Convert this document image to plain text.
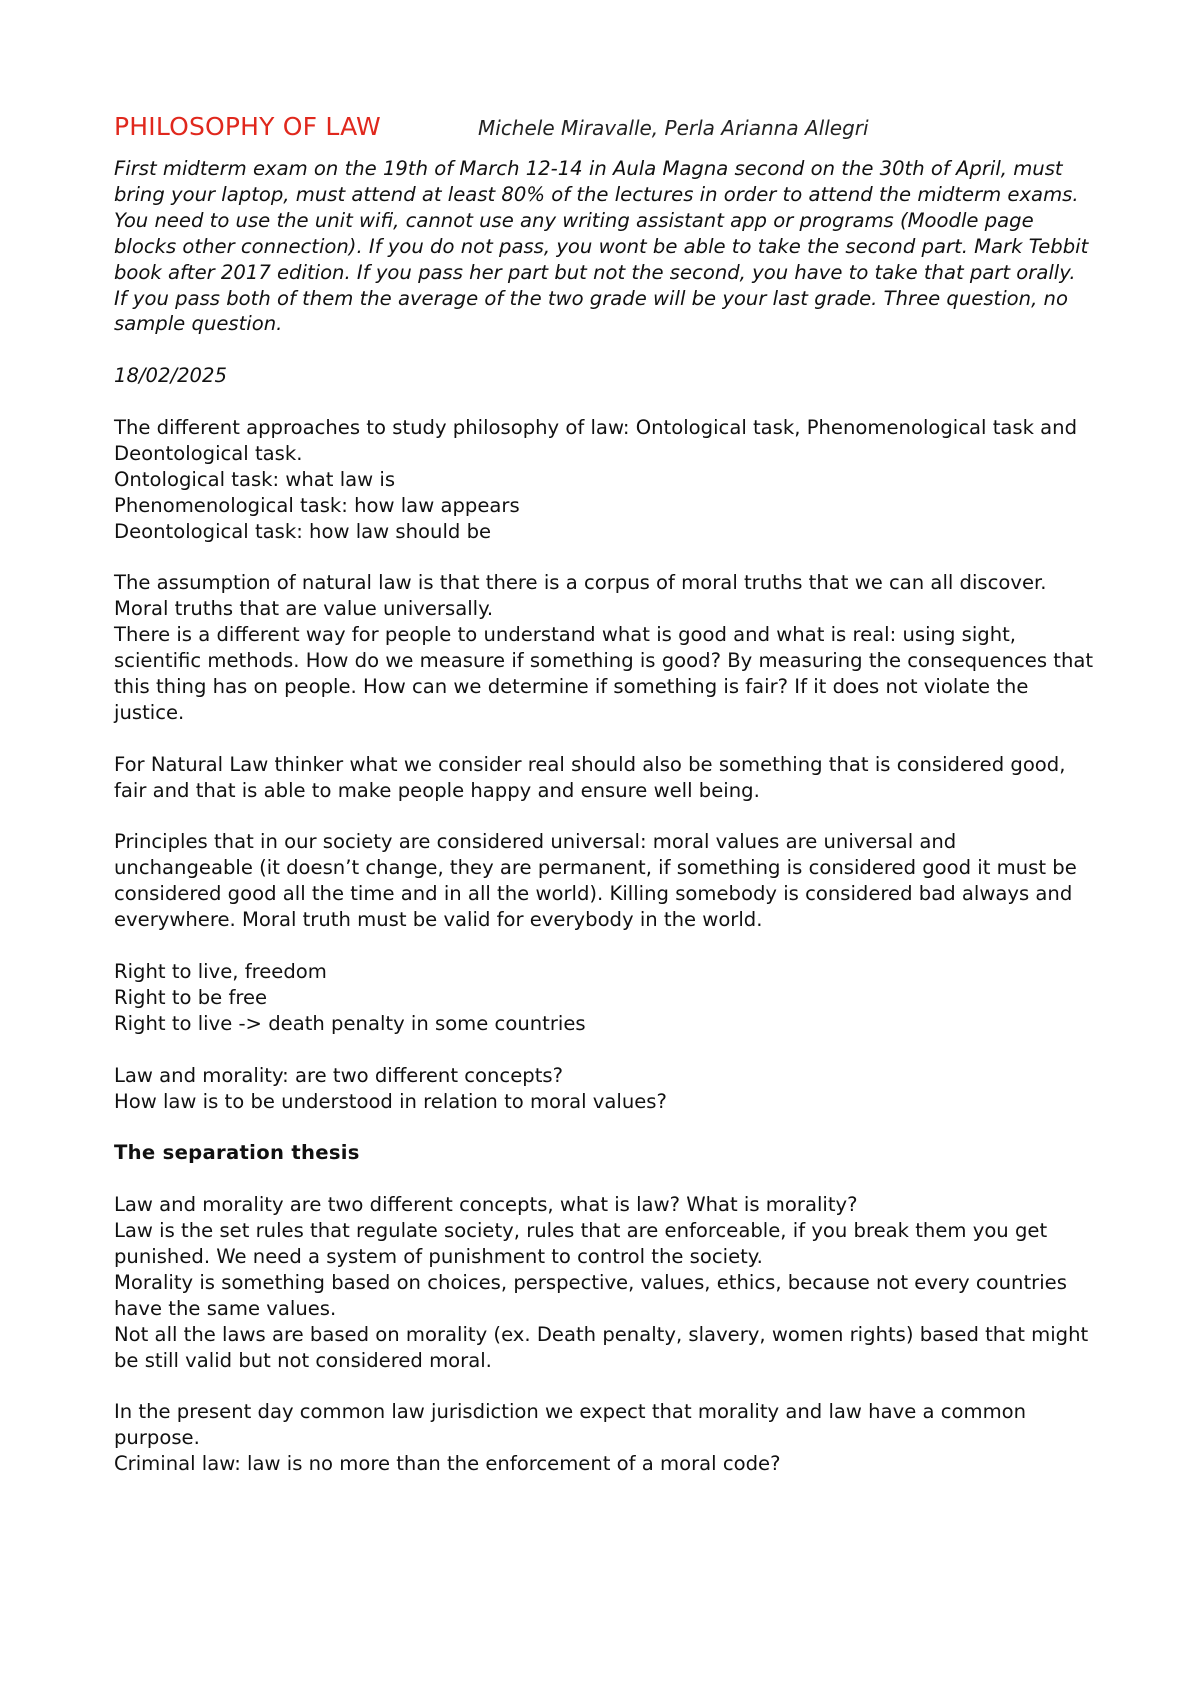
PHILOSOPHY OF LAW	Michele Miravalle, Perla Arianna Allegri

First midterm exam on the 19th of March 12-14 in Aula Magna second on the 30th of April, must bring your laptop, must attend at least 80% of the lectures in order to attend the midterm exams. You need to use the unit wifi, cannot use any writing assistant app or programs (Moodle page blocks other connection). If you do not pass, you wont be able to take the second part. Mark Tebbit book after 2017 edition. If you pass her part but not the second, you have to take that part orally. If you pass both of them the average of the two grade will be your last grade. Three question, no sample question.

18/02/2025

The different approaches to study philosophy of law: Ontological task, Phenomenological task and Deontological task.
Ontological task: what law is
Phenomenological task: how law appears
Deontological task: how law should be

The assumption of natural law is that there is a corpus of moral truths that we can all discover. Moral truths that are value universally.
There is a different way for people to understand what is good and what is real: using sight, scientific methods. How do we measure if something is good? By measuring the consequences that this thing has on people. How can we determine if something is fair? If it does not violate the justice.

For Natural Law thinker what we consider real should also be something that is considered good, fair and that is able to make people happy and ensure well being.

Principles that in our society are considered universal: moral values are universal and unchangeable (it doesn’t change, they are permanent, if something is considered good it must be considered good all the time and in all the world). Killing somebody is considered bad always and everywhere. Moral truth must be valid for everybody in the world.

Right to live, freedom
Right to be free
Right to live -> death penalty in some countries

Law and morality: are two different concepts?
How law is to be understood in relation to moral values?

The separation thesis

Law and morality are two different concepts, what is law? What is morality?
Law is the set rules that regulate society, rules that are enforceable, if you break them you get punished. We need a system of punishment to control the society.
Morality is something based on choices, perspective, values, ethics, because not every countries have the same values.
Not all the laws are based on morality (ex. Death penalty, slavery, women rights) based that might be still valid but not considered moral.

In the present day common law jurisdiction we expect that morality and law have a common purpose.
Criminal law: law is no more than the enforcement of a moral code?
